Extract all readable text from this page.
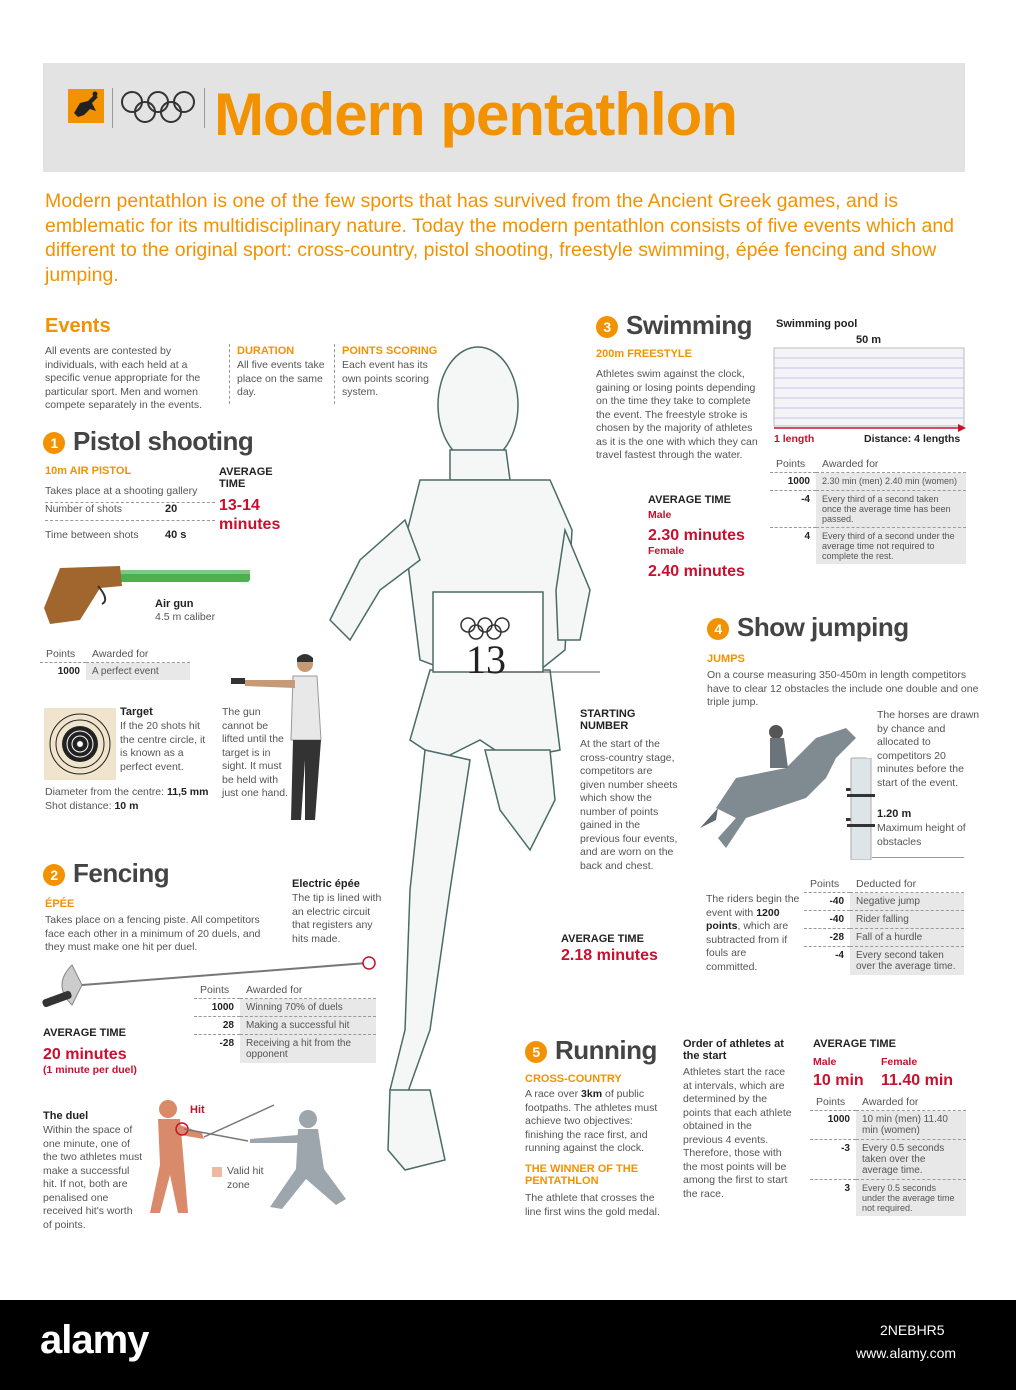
Modern pentathlon
Modern pentathlon is one of the few sports that has survived from the Ancient Greek games, and is emblematic for its multidisciplinary nature. Today the modern pentathlon consists of five events which and different to the original sport: cross-country, pistol shooting, freestyle swimming, épée fencing and show jumping.
Events
All events are contested by individuals, with each held at a specific venue appropriate for the particular sport. Men and women compete separately in the events.
DURATION
All five events take place on the same day.
POINTS SCORING
Each event has its own points scoring system.
1 Pistol shooting
10m AIR PISTOL
Takes place at a shooting gallery
Number of shots	20
Time between shots 40 s
AVERAGE TIME
13-14 minutes
Air gun
4.5 m caliber
Points	Awarded for
1000	A perfect event
Target
If the 20 shots hit the centre circle, it is known as a perfect event.
Diameter from the centre: 11,5 mm
Shot distance: 10 m
The gun cannot be lifted until the target is in sight. It must be held with just one hand.
2 Fencing
ÉPÉE
Takes place on a fencing piste. All competitors face each other in a minimum of 20 duels, and they must make one hit per duel.
Electric épée
The tip is lined with an electric circuit that registers any hits made.
Points	Awarded for
1000	Winning 70% of duels
28	Making a successful hit
-28	Receiving a hit from the opponent
AVERAGE TIME
20 minutes
(1 minute per duel)
The duel
Within the space of one minute, one of the two athletes must make a successful hit. If not, both are penalised one received hit's worth of points.
Hit
Valid hit zone
13
STARTING NUMBER
At the start of the cross-country stage, competitors are given number sheets which show the number of points gained in the previous four events, and are worn on the back and chest.
AVERAGE TIME
2.18 minutes
3 Swimming
200m FREESTYLE
Athletes swim against the clock, gaining or losing points depending on the time they take to complete the event. The freestyle stroke is chosen by the majority of athletes as it is the one with which they can travel fastest through the water.
Swimming pool
50 m
1 length	Distance: 4 lengths
AVERAGE TIME
Male
2.30 minutes
Female
2.40 minutes
Points	Awarded for
1000	2.30 min (men) 2.40 min (women)
-4	Every third of a second taken once the average time has been passed.
4	Every third of a second under the average time not required to complete the rest.
4 Show jumping
JUMPS
On a course measuring 350-450m in length competitors have to clear 12 obstacles the include one double and one triple jump.
The horses are drawn by chance and allocated to competitors 20 minutes before the start of the event.
1.20 m
Maximum height of obstacles
The riders begin the event with 1200 points, which are subtracted from if fouls are committed.
Points	Deducted for
-40	Negative jump
-40	Rider falling
-28	Fall of a hurdle
-4	Every second taken over the average time.
5 Running
CROSS-COUNTRY
A race over 3km of public footpaths. The athletes must achieve two objectives: finishing the race first, and running against the clock.
THE WINNER OF THE PENTATHLON
The athlete that crosses the line first wins the gold medal.
Order of athletes at the start
Athletes start the race at intervals, which are determined by the points that each athlete obtained in the previous 4 events. Therefore, those with the most points will be among the first to start the race.
AVERAGE TIME
Male
10 min
Female
11.40 min
Points	Awarded for
1000	10 min (men) 11.40 min (women)
-3	Every 0.5 seconds taken over the average time.
3	Every 0.5 seconds under the average time not required.
alamy	2NEBHR5
www.alamy.com
